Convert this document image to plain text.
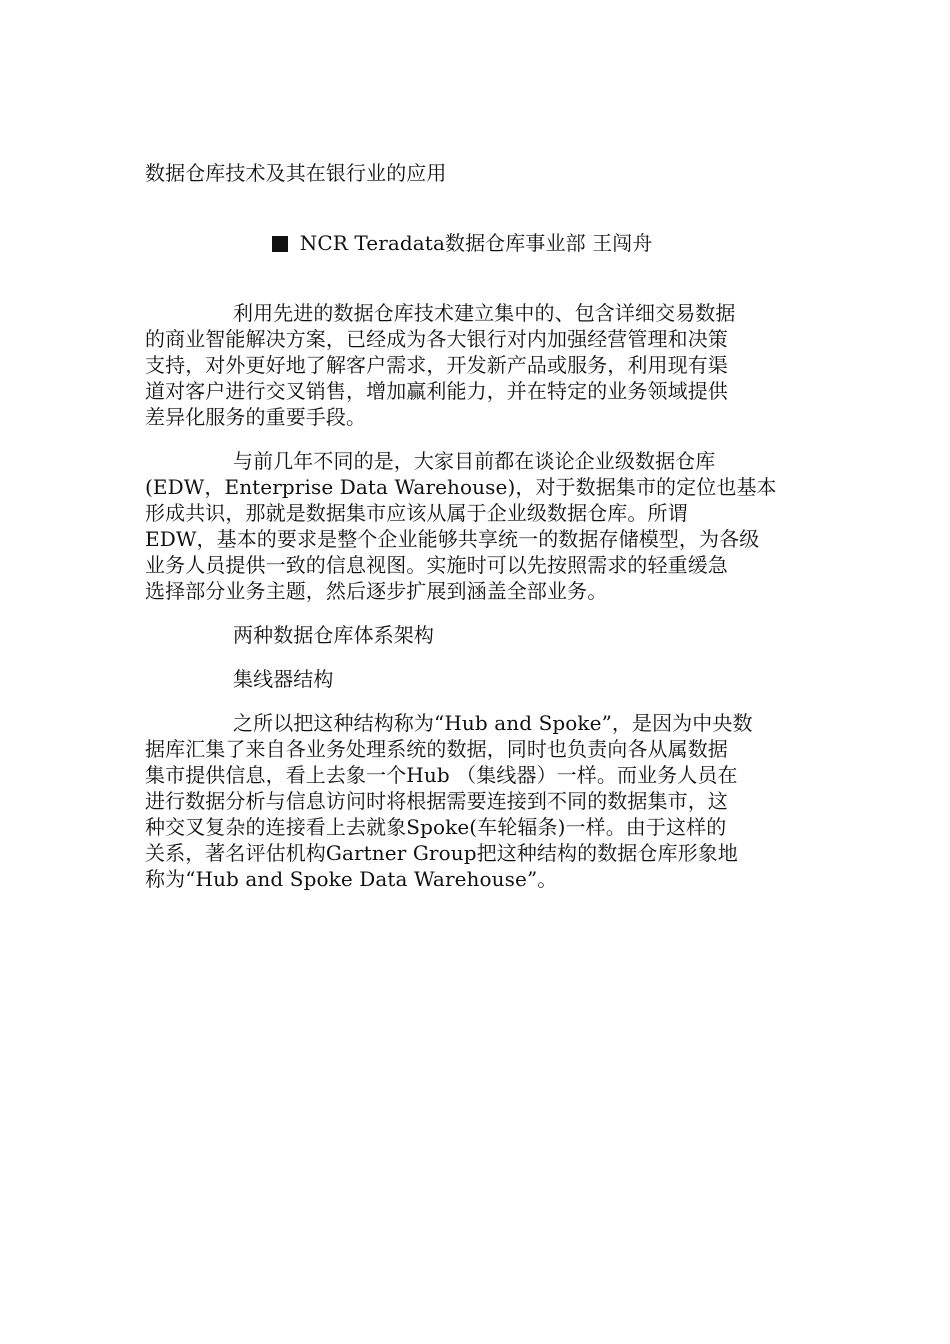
数据仓库技术及其在银行业的应用

NCR Teradata数据仓库事业部 王闯舟

利用先进的数据仓库技术建立集中的、包含详细交易数据
的商业智能解决方案，已经成为各大银行对内加强经营管理和决策
支持，对外更好地了解客户需求，开发新产品或服务，利用现有渠
道对客户进行交叉销售，增加赢利能力，并在特定的业务领域提供
差异化服务的重要手段。
与前几年不同的是，大家目前都在谈论企业级数据仓库
(EDW，Enterprise Data Warehouse)，对于数据集市的定位也基本
形成共识，那就是数据集市应该从属于企业级数据仓库。所谓
EDW，基本的要求是整个企业能够共享统一的数据存储模型，为各级
业务人员提供一致的信息视图。实施时可以先按照需求的轻重缓急
选择部分业务主题，然后逐步扩展到涵盖全部业务。
两种数据仓库体系架构
集线器结构
之所以把这种结构称为“Hub and Spoke”，是因为中央数
据库汇集了来自各业务处理系统的数据，同时也负责向各从属数据
集市提供信息，看上去象一个Hub （集线器）一样。而业务人员在
进行数据分析与信息访问时将根据需要连接到不同的数据集市，这
种交叉复杂的连接看上去就象Spoke(车轮辐条)一样。由于这样的
关系，著名评估机构Gartner Group把这种结构的数据仓库形象地
称为“Hub and Spoke Data Warehouse”。
